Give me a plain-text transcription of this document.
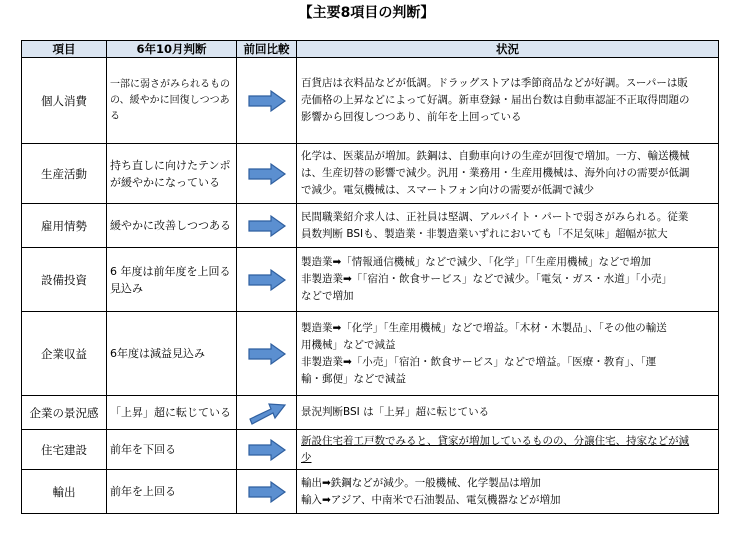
【主要8項目の判断】
項目	6年10月判断	前回比較	状況
個人消費	一部に弱さがみられるものの、緩やかに回復しつつある		百貨店は衣料品などが低調。ドラッグストアは季節商品などが好調。スーパーは販
売価格の上昇などによって好調。新車登録・届出台数は自動車認証不正取得問題の
影響から回復しつつあり、前年を上回っている

生産活動	持ち直しに向けたテンポが緩やかになっている		化学は、医薬品が増加。鉄鋼は、自動車向けの生産が回復で増加。一方、輸送機械
は、生産切替の影響で減少。汎用・業務用・生産用機械は、海外向けの需要が低調
で減少。電気機械は、スマートフォン向けの需要が低調で減少

雇用情勢	緩やかに改善しつつある		民間職業紹介求人は、正社員は堅調、アルバイト・パートで弱さがみられる。従業
員数判断 BSIも、製造業・非製造業いずれにおいても「不足気味」超幅が拡大

設備投資	6 年度は前年度を上回る見込み		製造業➡「情報通信機械」などで減少、「化学」「「生産用機械」などで増加
非製造業➡「「宿泊・飲食サービス」などで減少。「電気・ガス・水道」「小売」
などで増加

企業収益	6年度は減益見込み		製造業➡「化学」「生産用機械」などで増益。「木材・木製品」、「その他の輸送
用機械」などで減益
非製造業➡「小売」「宿泊・飲食サービス」などで増益。「医療・教育」、「運
輸・郵便」などで減益

企業の景況感	「上昇」超に転じている		景況判断BSI は「上昇」超に転じている

住宅建設	前年を下回る		新設住宅着工戸数でみると、貸家が増加しているものの、分譲住宅、持家などが減
少

輸出	前年を上回る		輸出➡鉄鋼などが減少。一般機械、化学製品は増加
輸入➡アジア、中南米で石油製品、電気機器などが増加
